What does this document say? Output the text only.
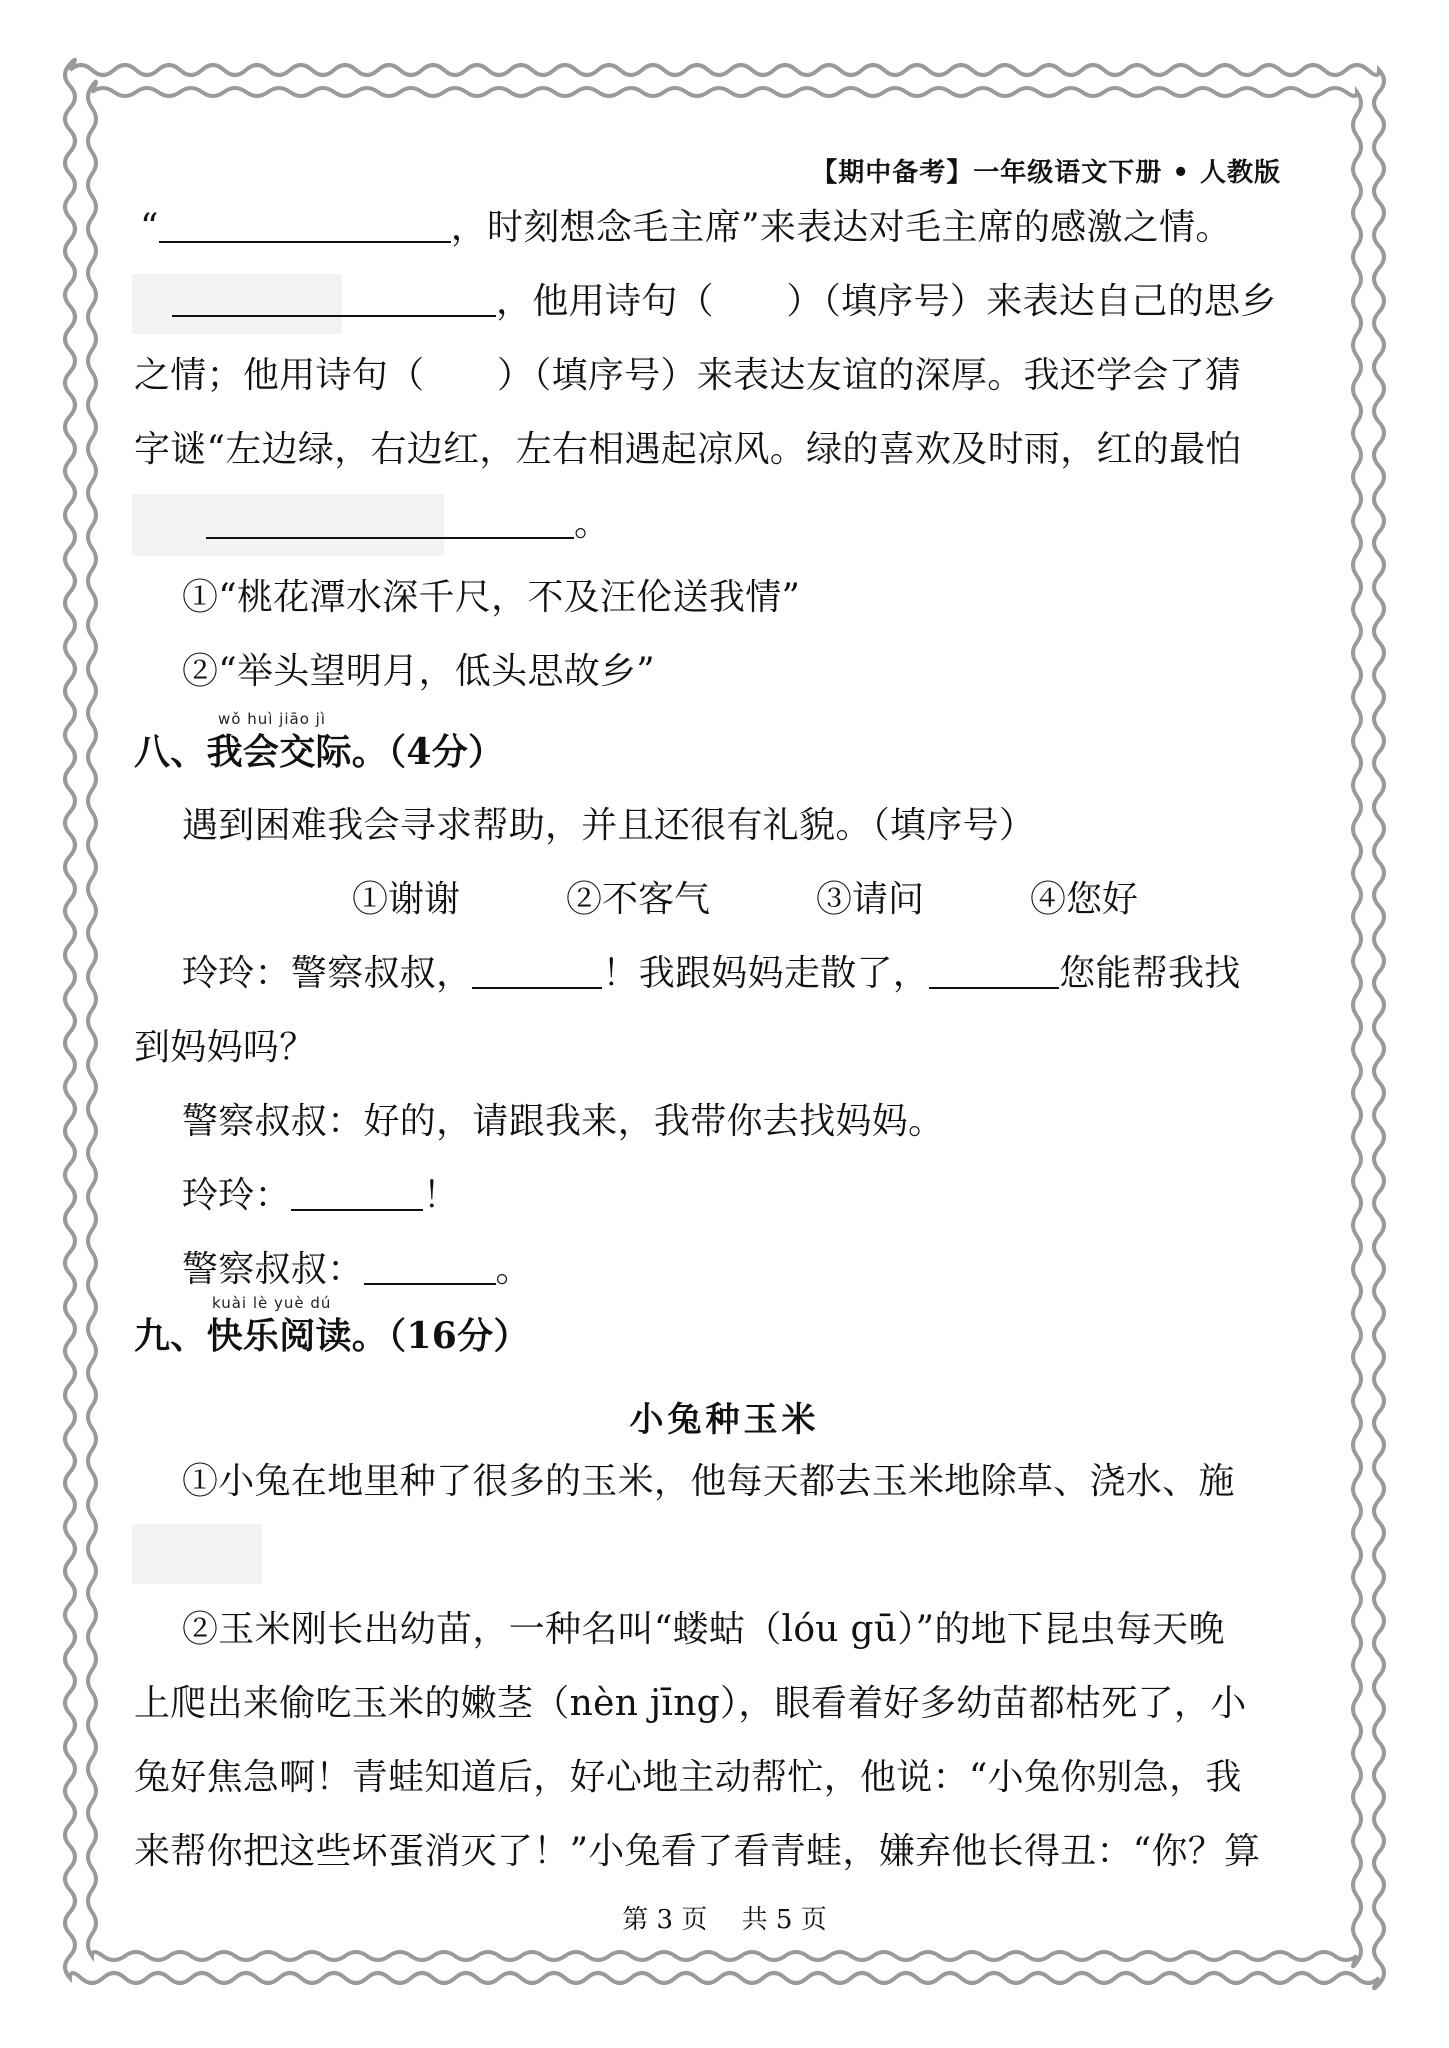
【期中备考】一年级语文下册 • 人教版
“	，时刻想念毛主席”来表达对毛主席的感激之情。
，他用诗句（　　）（填序号）来表达自己的思乡
之情；他用诗句（　　）（填序号）来表达友谊的深厚。我还学会了猜
字谜“左边绿，右边红，左右相遇起凉风。绿的喜欢及时雨，红的最怕
。
①“桃花潭水深千尺，不及汪伦送我情”
②“举头望明月，低头思故乡”
wǒ huì jiāo jì
八、我会交际。（4分）
遇到困难我会寻求帮助，并且还很有礼貌。（填序号）
①谢谢	②不客气	③请问	④您好
玲玲：警察叔叔，	！我跟妈妈走散了，	您能帮我找
到妈妈吗？
警察叔叔：好的，请跟我来，我带你去找妈妈。
玲玲：	！
警察叔叔：	。
kuài lè yuè dú
九、快乐阅读。（16分）
小兔种玉米
①小兔在地里种了很多的玉米，他每天都去玉米地除草、浇水、施
②玉米刚长出幼苗，一种名叫“蝼蛄（lóu gū）”的地下昆虫每天晚
上爬出来偷吃玉米的嫩茎（nèn jīng），眼看着好多幼苗都枯死了，小
兔好焦急啊！青蛙知道后，好心地主动帮忙，他说：“小兔你别急，我
来帮你把这些坏蛋消灭了！”小兔看了看青蛙，嫌弃他长得丑：“你？算
第 3 页　 共 5 页
